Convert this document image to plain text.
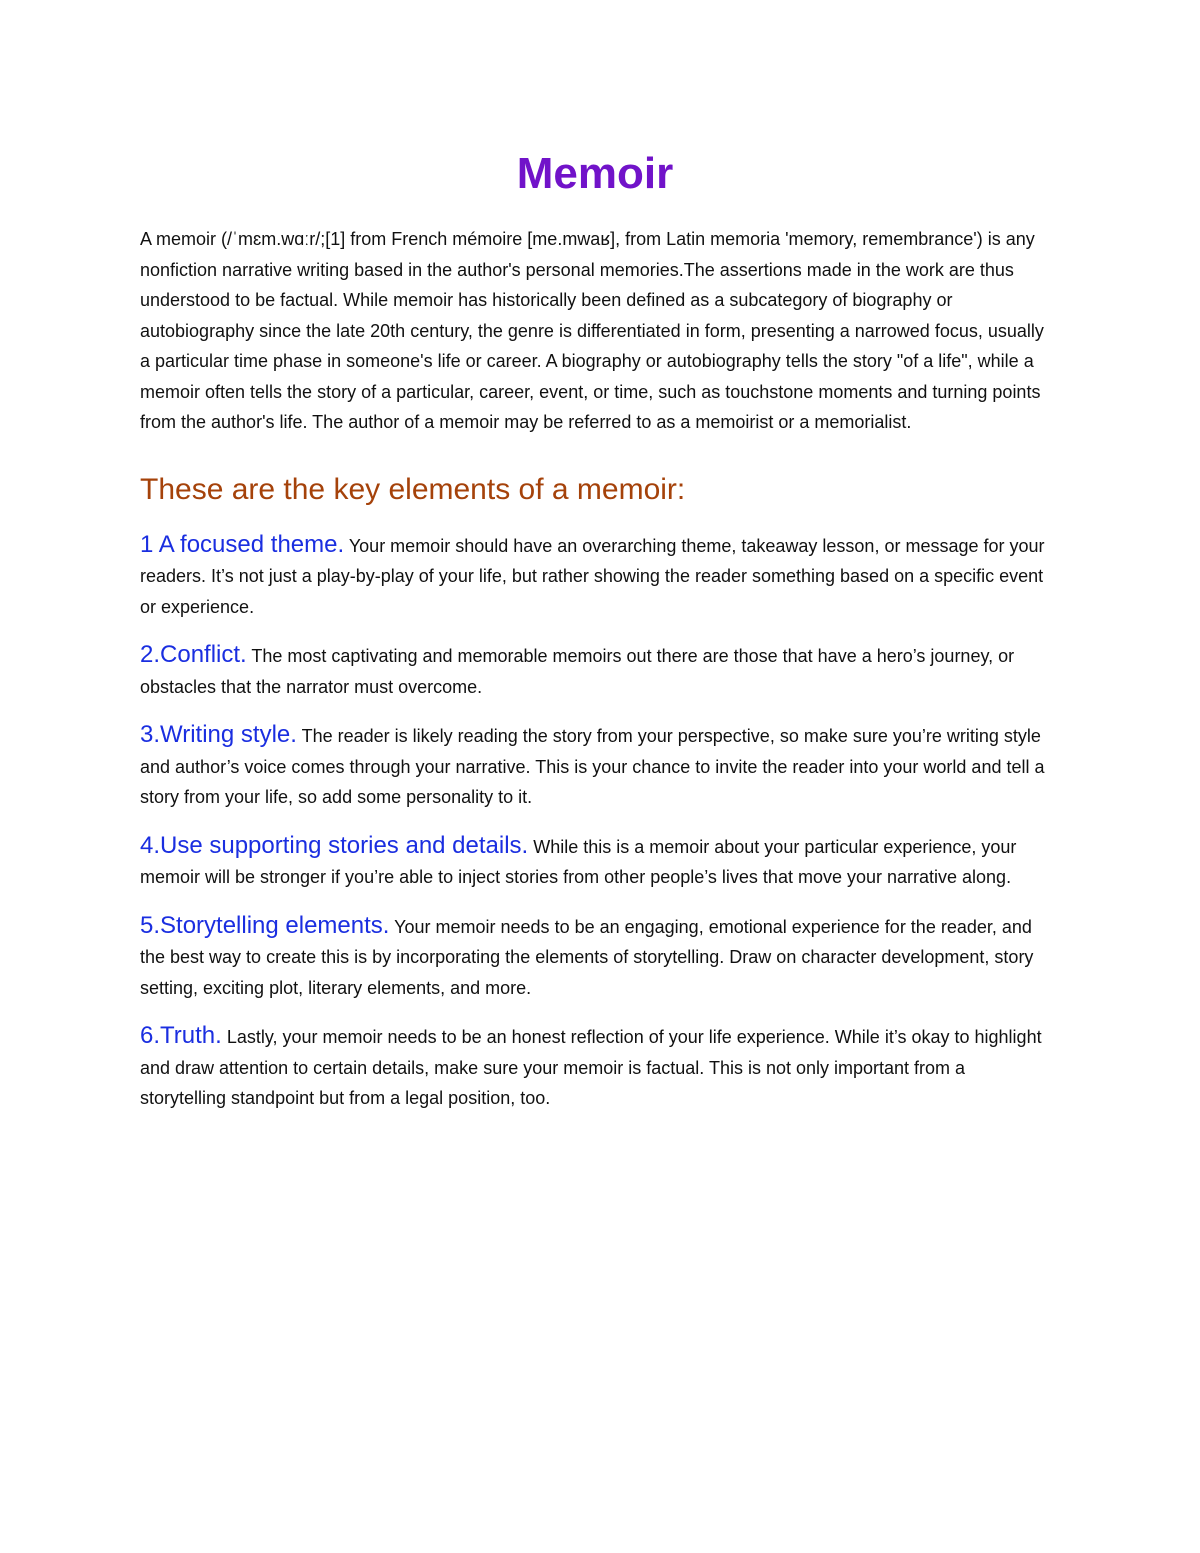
Memoir

A memoir (/ˈmɛm.wɑːr/;[1] from French mémoire [me.mwaʁ], from Latin memoria 'memory, remembrance') is any nonfiction narrative writing based in the author's personal memories.The assertions made in the work are thus understood to be factual. While memoir has historically been defined as a subcategory of biography or autobiography since the late 20th century, the genre is differentiated in form, presenting a narrowed focus, usually a particular time phase in someone's life or career. A biography or autobiography tells the story "of a life", while a memoir often tells the story of a particular, career, event, or time, such as touchstone moments and turning points from the author's life. The author of a memoir may be referred to as a memoirist or a memorialist.

These are the key elements of a memoir:

1 A focused theme. Your memoir should have an overarching theme, takeaway lesson, or message for your readers. It’s not just a play-by-play of your life, but rather showing the reader something based on a specific event or experience.

2.Conflict. The most captivating and memorable memoirs out there are those that have a hero’s journey, or obstacles that the narrator must overcome.

3.Writing style. The reader is likely reading the story from your perspective, so make sure you’re writing style and author’s voice comes through your narrative. This is your chance to invite the reader into your world and tell a story from your life, so add some personality to it.

4.Use supporting stories and details. While this is a memoir about your particular experience, your memoir will be stronger if you’re able to inject stories from other people’s lives that move your narrative along.

5.Storytelling elements. Your memoir needs to be an engaging, emotional experience for the reader, and the best way to create this is by incorporating the elements of storytelling. Draw on character development, story setting, exciting plot, literary elements, and more.

6.Truth. Lastly, your memoir needs to be an honest reflection of your life experience. While it’s okay to highlight and draw attention to certain details, make sure your memoir is factual. This is not only important from a storytelling standpoint but from a legal position, too.
